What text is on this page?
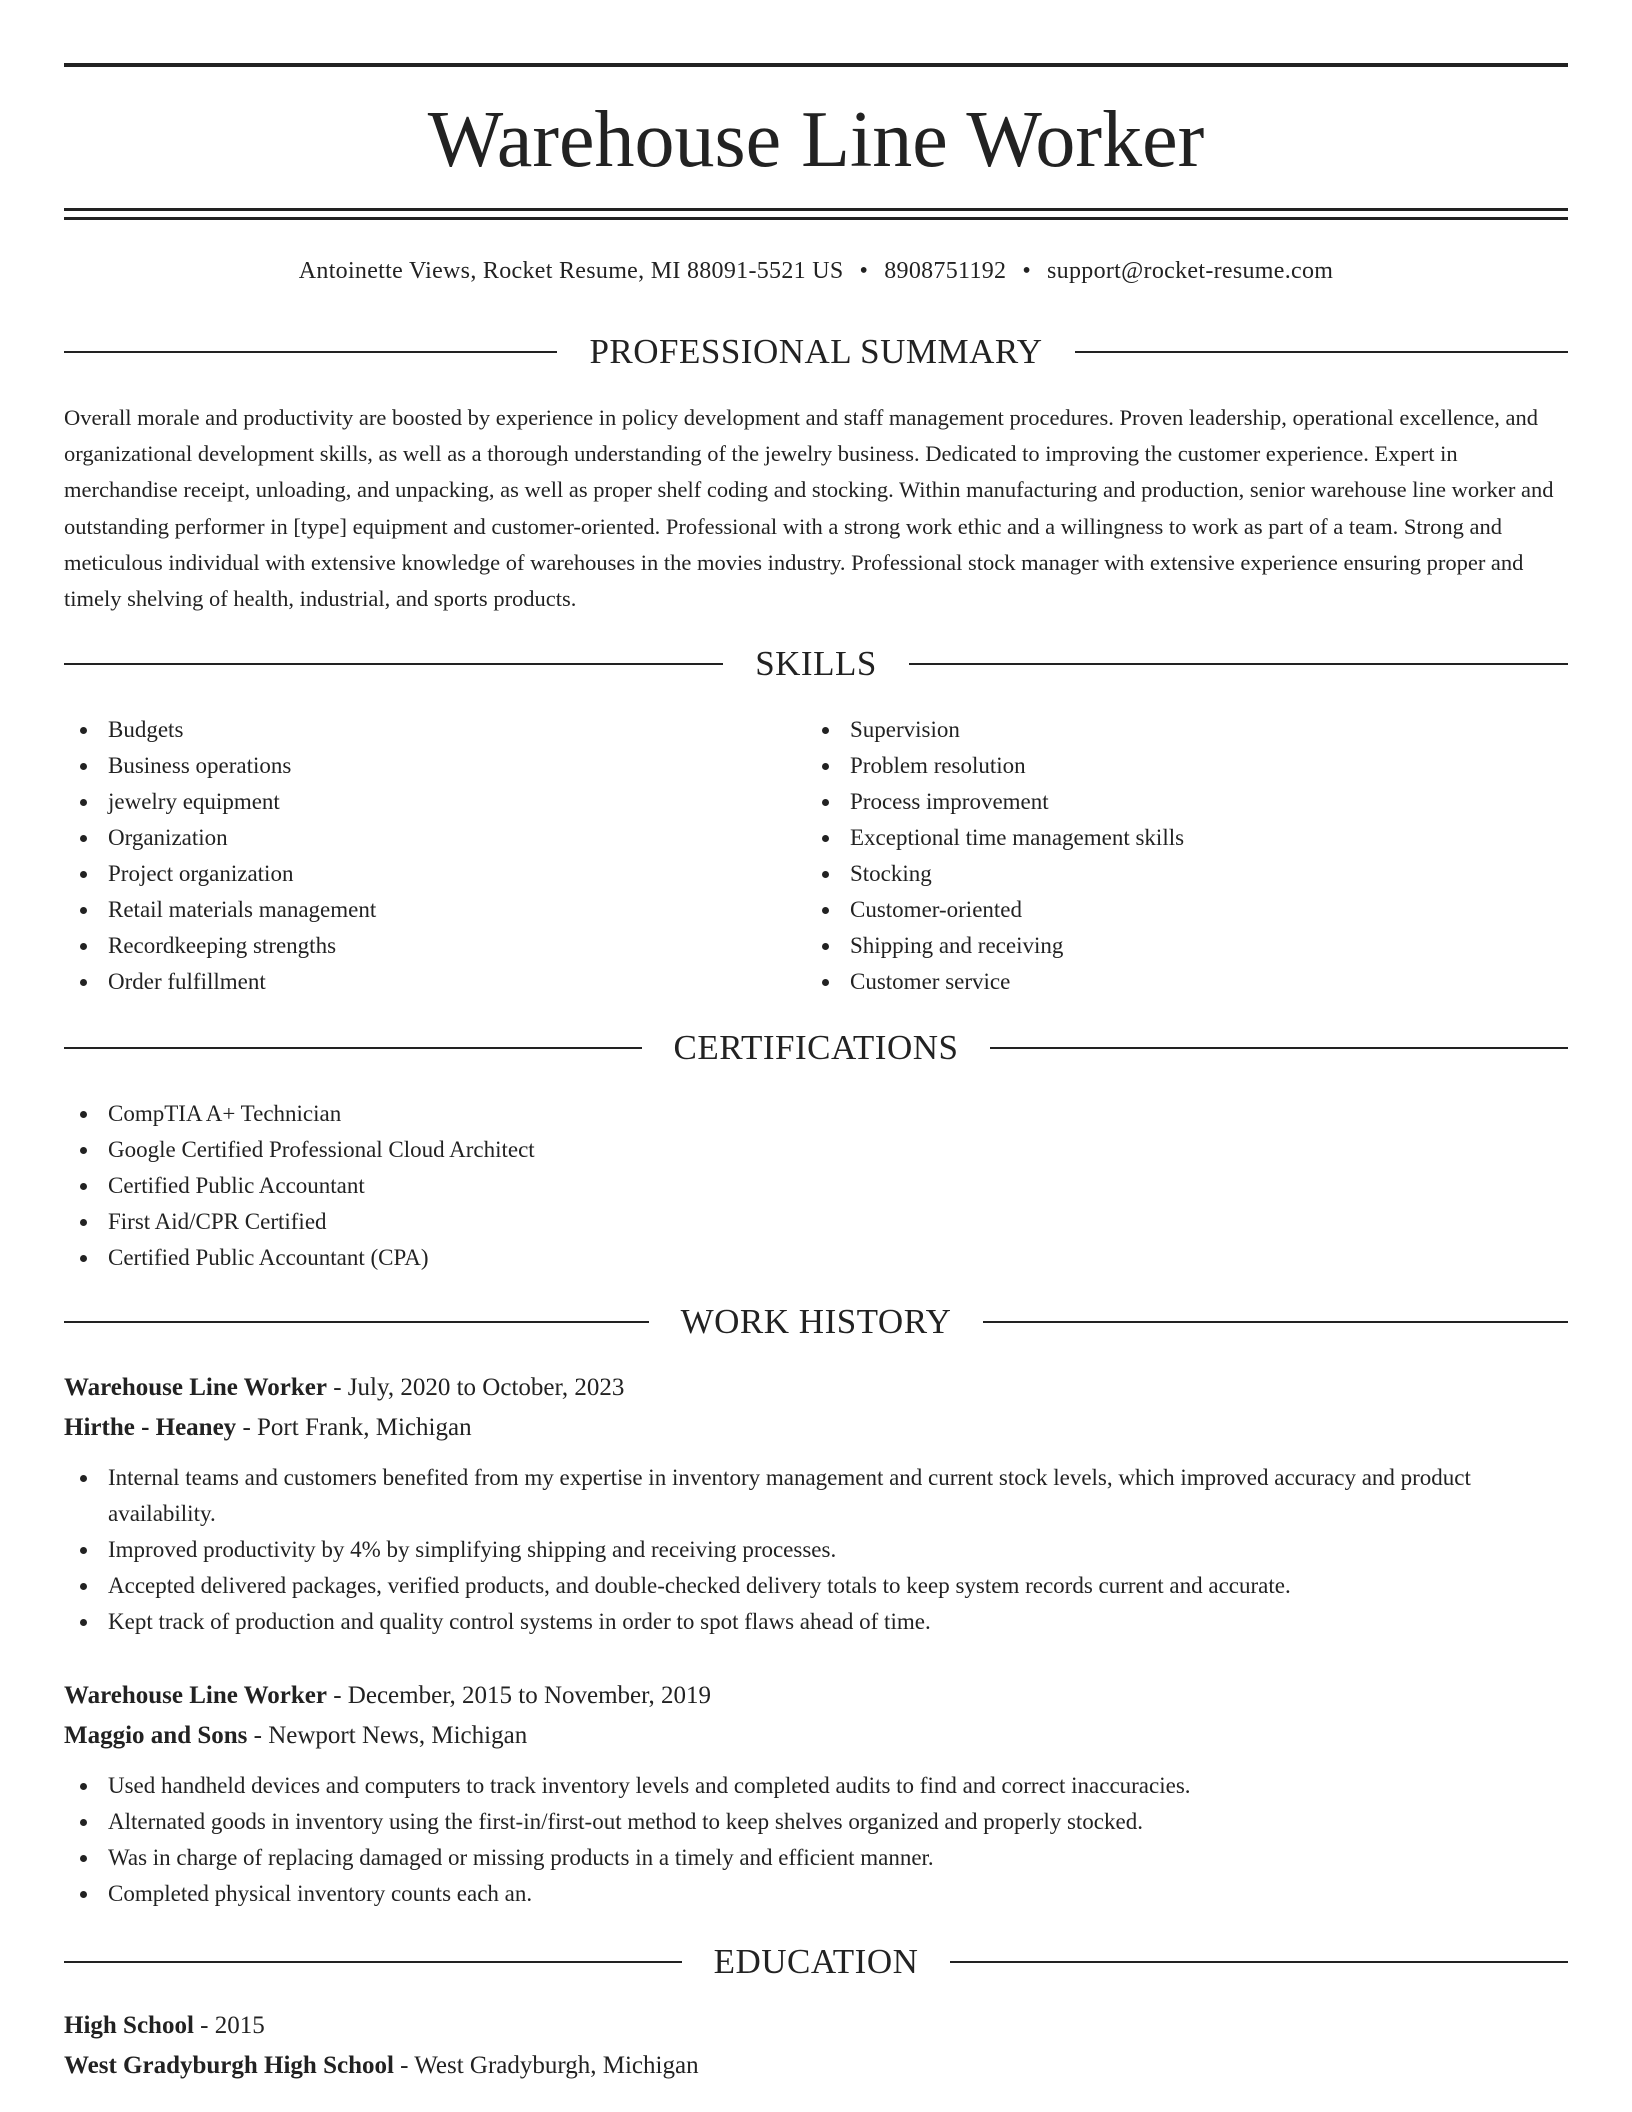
Warehouse Line Worker
Antoinette Views, Rocket Resume, MI 88091-5521 US • 8908751192 • support@rocket-resume.com
PROFESSIONAL SUMMARY
Overall morale and productivity are boosted by experience in policy development and staff management procedures. Proven leadership, operational excellence, and organizational development skills, as well as a thorough understanding of the jewelry business. Dedicated to improving the customer experience. Expert in merchandise receipt, unloading, and unpacking, as well as proper shelf coding and stocking. Within manufacturing and production, senior warehouse line worker and outstanding performer in [type] equipment and customer-oriented. Professional with a strong work ethic and a willingness to work as part of a team. Strong and meticulous individual with extensive knowledge of warehouses in the movies industry. Professional stock manager with extensive experience ensuring proper and timely shelving of health, industrial, and sports products.
SKILLS
Budgets
Business operations
jewelry equipment
Organization
Project organization
Retail materials management
Recordkeeping strengths
Order fulfillment
Supervision
Problem resolution
Process improvement
Exceptional time management skills
Stocking
Customer-oriented
Shipping and receiving
Customer service
CERTIFICATIONS
CompTIA A+ Technician
Google Certified Professional Cloud Architect
Certified Public Accountant
First Aid/CPR Certified
Certified Public Accountant (CPA)
WORK HISTORY
Warehouse Line Worker - July, 2020 to October, 2023
Hirthe - Heaney - Port Frank, Michigan
Internal teams and customers benefited from my expertise in inventory management and current stock levels, which improved accuracy and product availability.
Improved productivity by 4% by simplifying shipping and receiving processes.
Accepted delivered packages, verified products, and double-checked delivery totals to keep system records current and accurate.
Kept track of production and quality control systems in order to spot flaws ahead of time.
Warehouse Line Worker - December, 2015 to November, 2019
Maggio and Sons - Newport News, Michigan
Used handheld devices and computers to track inventory levels and completed audits to find and correct inaccuracies.
Alternated goods in inventory using the first-in/first-out method to keep shelves organized and properly stocked.
Was in charge of replacing damaged or missing products in a timely and efficient manner.
Completed physical inventory counts each an.
EDUCATION
High School - 2015
West Gradyburgh High School - West Gradyburgh, Michigan
